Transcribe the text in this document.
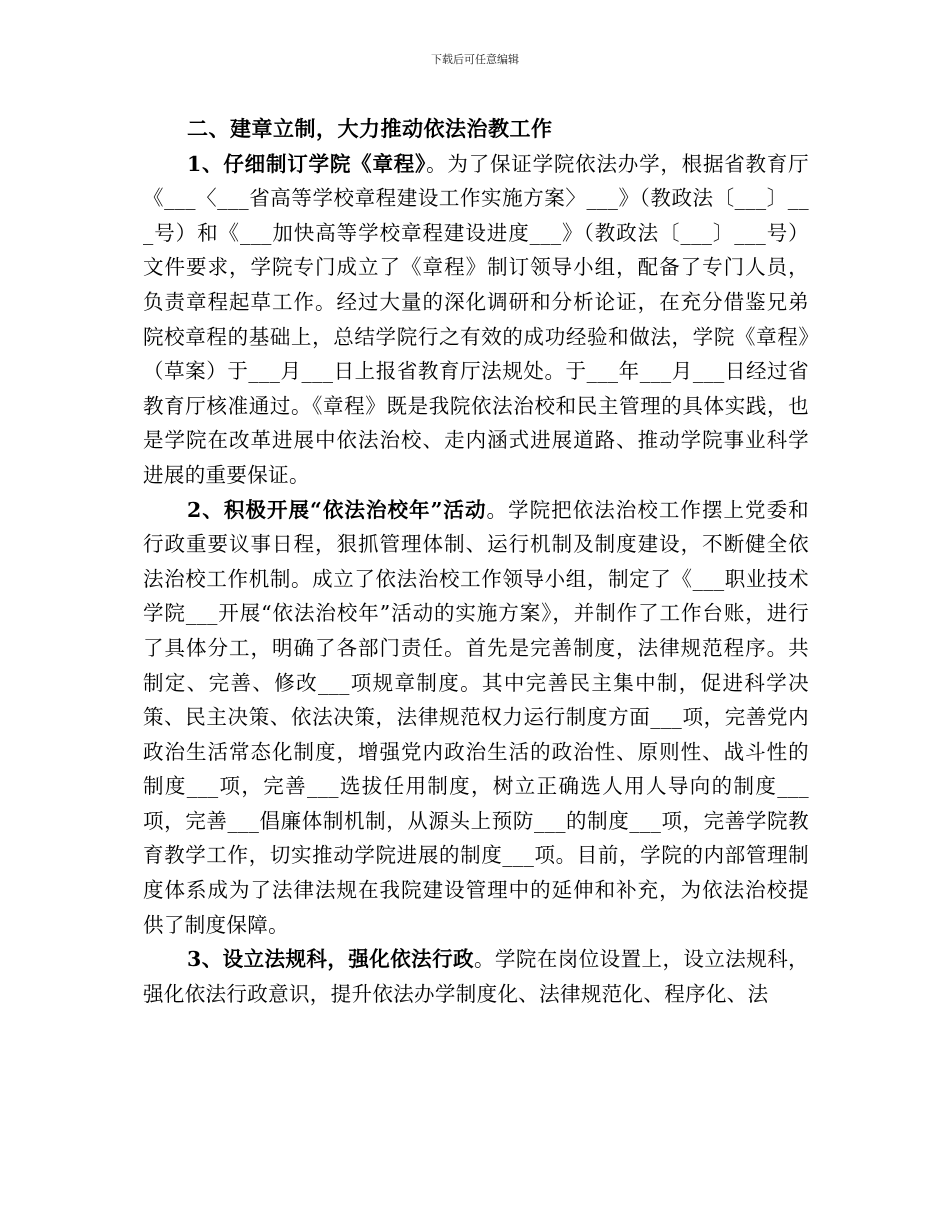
下载后可任意编辑

二、建章立制，大力推动依法治教工作

1、仔细制订学院《章程》。为了保证学院依法办学，根据省教育厅《___〈___省高等学校章程建设工作实施方案〉___》（教政法〔___〕___号）和《___加快高等学校章程建设进度___》（教政法〔___〕___号）文件要求，学院专门成立了《章程》制订领导小组，配备了专门人员，负责章程起草工作。经过大量的深化调研和分析论证，在充分借鉴兄弟院校章程的基础上，总结学院行之有效的成功经验和做法，学院《章程》（草案）于___月___日上报省教育厅法规处。于___年___月___日经过省教育厅核准通过。《章程》既是我院依法治校和民主管理的具体实践，也是学院在改革进展中依法治校、走内涵式进展道路、推动学院事业科学进展的重要保证。

2、积极开展“依法治校年”活动。学院把依法治校工作摆上党委和行政重要议事日程，狠抓管理体制、运行机制及制度建设，不断健全依法治校工作机制。成立了依法治校工作领导小组，制定了《___职业技术学院___开展“依法治校年”活动的实施方案》，并制作了工作台账，进行了具体分工，明确了各部门责任。首先是完善制度，法律规范程序。共制定、完善、修改___项规章制度。其中完善民主集中制，促进科学决策、民主决策、依法决策，法律规范权力运行制度方面___项，完善党内政治生活常态化制度，增强党内政治生活的政治性、原则性、战斗性的制度___项，完善___选拔任用制度，树立正确选人用人导向的制度___项，完善___倡廉体制机制，从源头上预防___的制度___项，完善学院教育教学工作，切实推动学院进展的制度___项。目前，学院的内部管理制度体系成为了法律法规在我院建设管理中的延伸和补充，为依法治校提供了制度保障。

3、设立法规科，强化依法行政。学院在岗位设置上，设立法规科，强化依法行政意识，提升依法办学制度化、法律规范化、程序化、法
